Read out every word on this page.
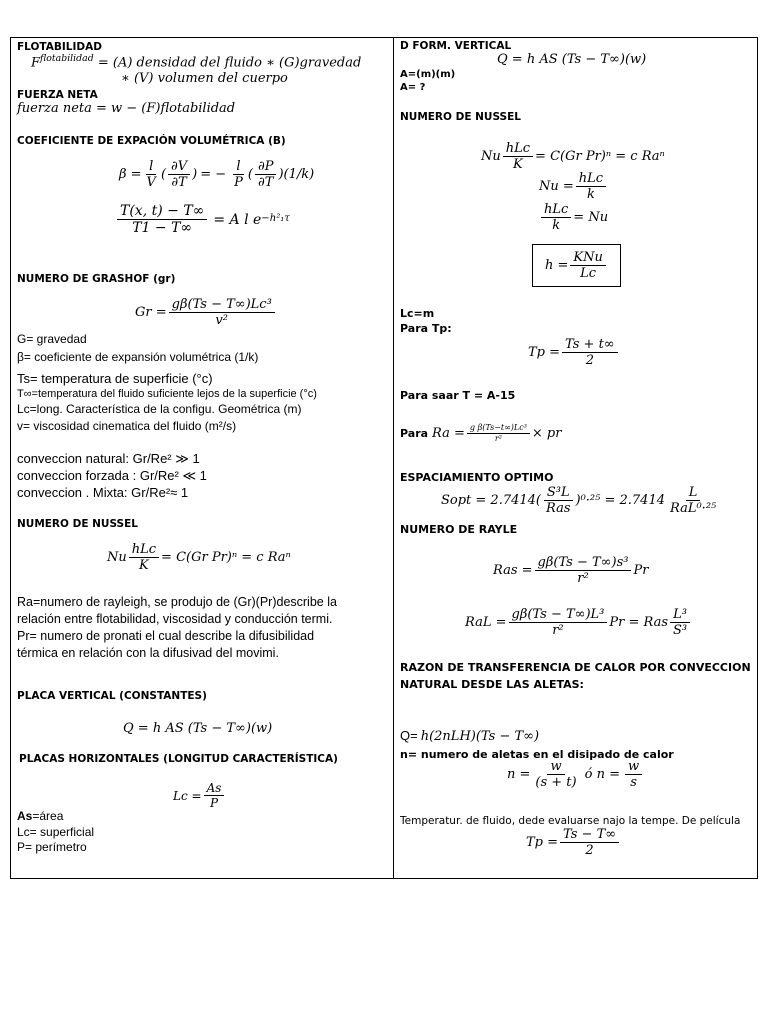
FLOTABILIDAD
$F^{flotabilidad} = (A)$ densidad del fluido ∗ (G)gravedad
∗ (V) volumen del cuerpo
FUERZA NETA
fuerza neta = w − (F)flotabilidad
COEFICIENTE DE EXPACIÓN VOLUMÉTRICA (B)
$\beta = \frac{l}{V}$ ( $\frac{\partial V}{\partial T}$ ) = − $\frac{l}{P}$ ( $\frac{\partial P}{\partial T}$ ) (1/k)
$\frac{T(x, t) - T\infty}{T1 - T\infty} = A$ l e −h²₁τ
NUMERO DE GRASHOF (gr)
$Gr = \frac{\text{gβ(Ts − T∞)Lc³}}{\text{v²}}$
G= gravedad
β= coeficiente de expansión volumétrica (1/k)
Ts= temperatura de superficie (°c)
T∞=temperatura del fluido suficiente lejos de la superficie (°c)
Lc=long. Característica de la configu. Geométrica (m)
v= viscosidad cinematica del fluido (m²/s)
conveccion natural: Gr/Re² ≫ 1
conveccion forzada : Gr/Re² ≪ 1
conveccion . Mixta: Gr/Re²≈ 1
NUMERO DE NUSSEL
Nu $\frac{\text{hLc}}{K} = C(Gr$ Pr)ⁿ = c Raⁿ
Ra=numero de rayleigh, se produjo de (Gr)(Pr)describe la
relación entre flotabilidad, viscosidad y conducción termi.
Pr= numero de pronati el cual describe la difusibilidad
térmica en relación con la difusivad del movimi.
PLACA VERTICAL (CONSTANTES)
Q = h AS (Ts − T∞)(w)
PLACAS HORIZONTALES (LONGITUD CARACTERÍSTICA)
$Lc = \frac{As}{P}$
As=área
Lc= superficial
P= perímetro
D FORM. VERTICAL
Q = h AS (Ts − T∞)(w)
A=(m)(m)
A= ?
NUMERO DE NUSSEL
Nu $\frac{\text{hLc}}{K} = C(Gr$ Pr)ⁿ = c Raⁿ
$Nu = \frac{\text{hLc}}{k}$
$\frac{\text{hLc}}{k} = Nu$
$h = \frac{\text{KNu}}{Lc}$
Lc=m
Para Tp:
$Tp = \frac{Ts + t\infty}{2}$
Para saar T = A-15
Para $Ra = \frac{\text{g β(Ts−t∞)Lc³}}{\text{r²}}$ × pr
ESPACIAMIENTO OPTIMO
Sopt = $2.7414( \frac{\text{S³L}}{\text{Ras}} )^0\cdot^{25} = 2.7414 \frac{L}{\text{RaL⁰·²⁵}}$
NUMERO DE RAYLE
Ras = $\frac{\text{gβ(Ts − T∞)s³}}{\text{r²}}$ Pr
RaL = $\frac{\text{gβ(Ts − T∞)L³}}{\text{r²}}$ Pr = Ras $\frac{\text{L³}}{\text{S³}}$
RAZON DE TRANSFERENCIA DE CALOR POR CONVECCION
NATURAL DESDE LAS ALETAS:
Q= h(2nLH)(Ts − T∞)
n= numero de aletas en el disipado de calor
$n = \frac{w}{(s + t)}$ ó $n = \frac{w}{s}$
Temperatur. de fluido, dede evaluarse najo la tempe. De película
$Tp = \frac{Ts - T\infty}{2}$
